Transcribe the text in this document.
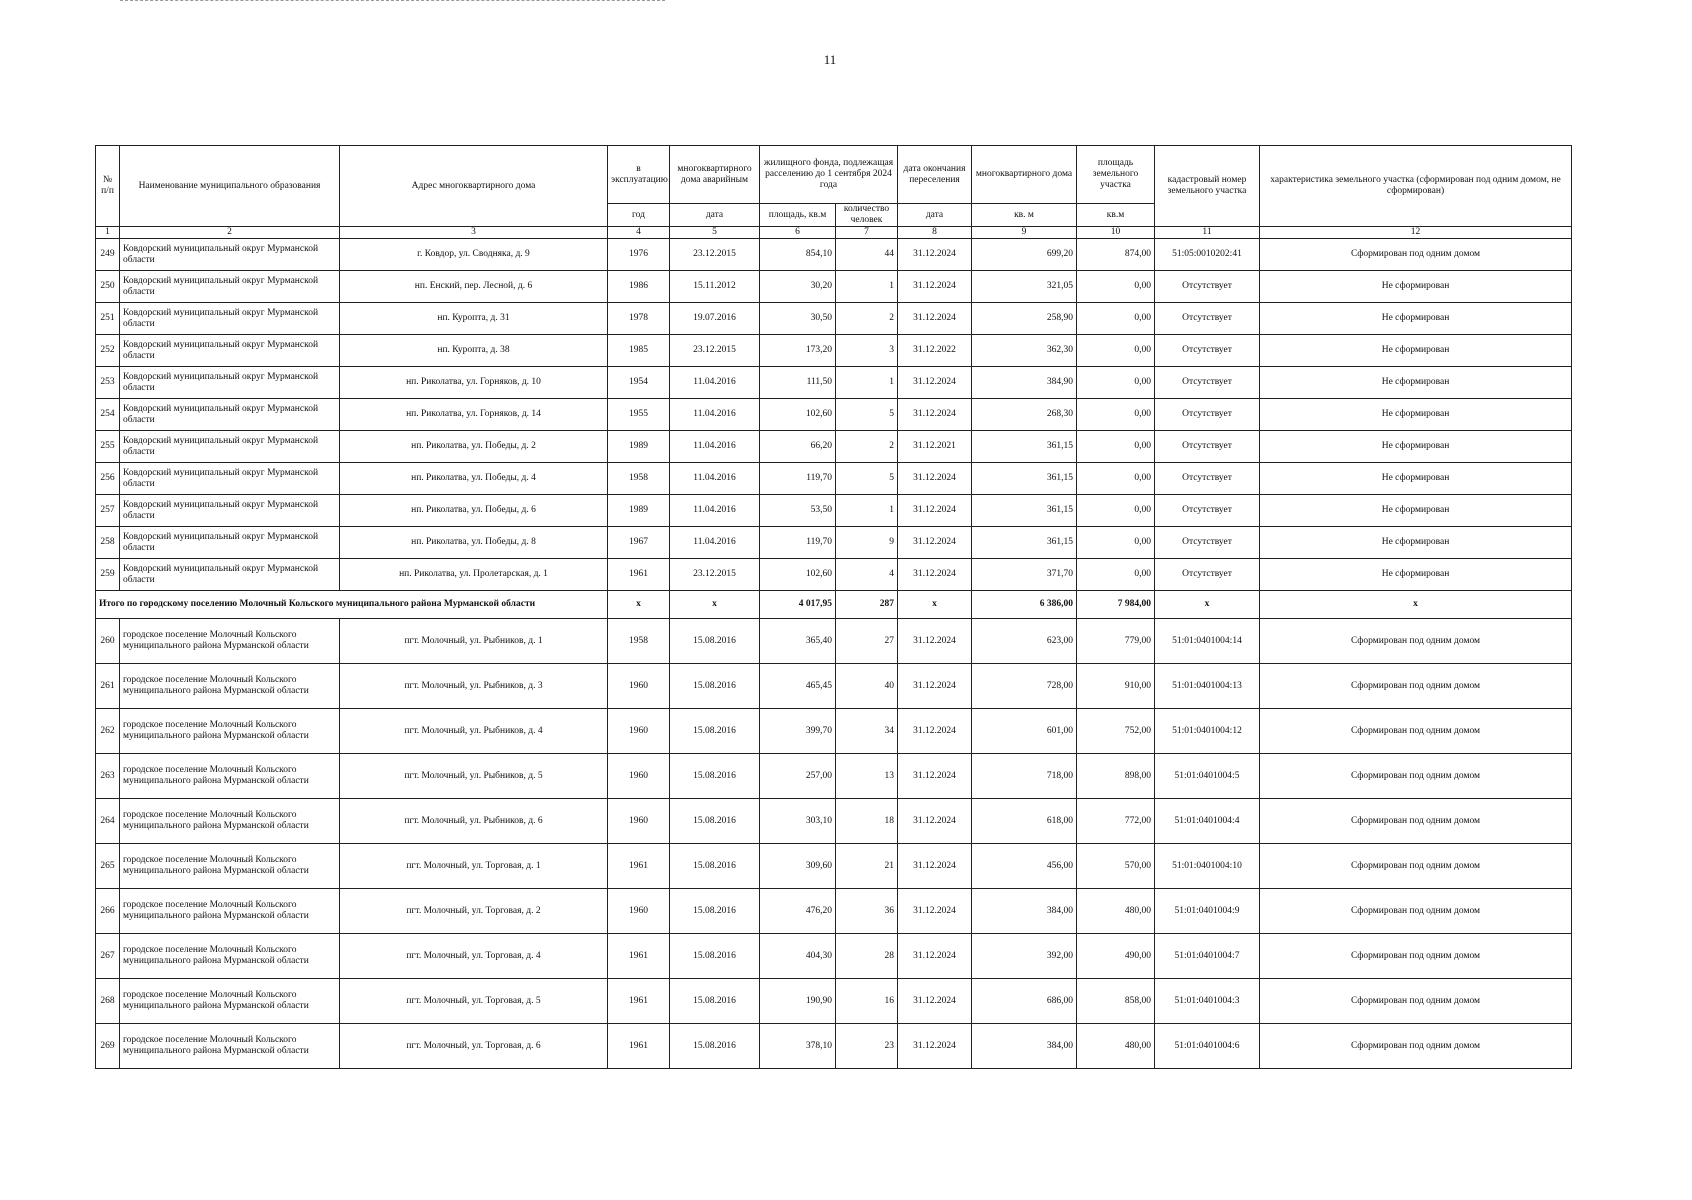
11
№ п/п	Наименование муниципального образования	Адрес многоквартирного дома	в эксплуатацию	многоквартирного дома аварийным	жилищного фонда, подлежащая расселению до 1 сентября 2024 года		дата окончания переселения	многоквартирного дома	площадь земельного участка	кадастровый номер земельного участка	характеристика земельного участка (сформирован под одним домом, не сформирован)
			год	дата	площадь, кв.м	количество человек	дата	кв. м	кв.м		
1	2	3	4	5	6	7	8	9	10	11	12
249	Ковдорский муниципальный округ Мурманской области	г. Ковдор, ул. Сводняка, д. 9	1976	23.12.2015	854,10	44	31.12.2024	699,20	874,00	51:05:0010202:41	Сформирован под одним домом
250	Ковдорский муниципальный округ Мурманской области	нп. Енский, пер. Лесной, д. 6	1986	15.11.2012	30,20	1	31.12.2024	321,05	0,00	Отсутствует	Не сформирован
251	Ковдорский муниципальный округ Мурманской области	нп. Куропта, д. 31	1978	19.07.2016	30,50	2	31.12.2024	258,90	0,00	Отсутствует	Не сформирован
252	Ковдорский муниципальный округ Мурманской области	нп. Куропта, д. 38	1985	23.12.2015	173,20	3	31.12.2022	362,30	0,00	Отсутствует	Не сформирован
253	Ковдорский муниципальный округ Мурманской области	нп. Риколатва, ул. Горняков, д. 10	1954	11.04.2016	111,50	1	31.12.2024	384,90	0,00	Отсутствует	Не сформирован
254	Ковдорский муниципальный округ Мурманской области	нп. Риколатва, ул. Горняков, д. 14	1955	11.04.2016	102,60	5	31.12.2024	268,30	0,00	Отсутствует	Не сформирован
255	Ковдорский муниципальный округ Мурманской области	нп. Риколатва, ул. Победы, д. 2	1989	11.04.2016	66,20	2	31.12.2021	361,15	0,00	Отсутствует	Не сформирован
256	Ковдорский муниципальный округ Мурманской области	нп. Риколатва, ул. Победы, д. 4	1958	11.04.2016	119,70	5	31.12.2024	361,15	0,00	Отсутствует	Не сформирован
257	Ковдорский муниципальный округ Мурманской области	нп. Риколатва, ул. Победы, д. 6	1989	11.04.2016	53,50	1	31.12.2024	361,15	0,00	Отсутствует	Не сформирован
258	Ковдорский муниципальный округ Мурманской области	нп. Риколатва, ул. Победы, д. 8	1967	11.04.2016	119,70	9	31.12.2024	361,15	0,00	Отсутствует	Не сформирован
259	Ковдорский муниципальный округ Мурманской области	нп. Риколатва, ул. Пролетарская, д. 1	1961	23.12.2015	102,60	4	31.12.2024	371,70	0,00	Отсутствует	Не сформирован
Итого по городскому поселению Молочный Кольского муниципального района Мурманской области			x	x	4 017,95	287	x	6 386,00	7 984,00	x	x
260	городское поселение Молочный Кольского муниципального района Мурманской области	пгт. Молочный, ул. Рыбников, д. 1	1958	15.08.2016	365,40	27	31.12.2024	623,00	779,00	51:01:0401004:14	Сформирован под одним домом
261	городское поселение Молочный Кольского муниципального района Мурманской области	пгт. Молочный, ул. Рыбников, д. 3	1960	15.08.2016	465,45	40	31.12.2024	728,00	910,00	51:01:0401004:13	Сформирован под одним домом
262	городское поселение Молочный Кольского муниципального района Мурманской области	пгт. Молочный, ул. Рыбников, д. 4	1960	15.08.2016	399,70	34	31.12.2024	601,00	752,00	51:01:0401004:12	Сформирован под одним домом
263	городское поселение Молочный Кольского муниципального района Мурманской области	пгт. Молочный, ул. Рыбников, д. 5	1960	15.08.2016	257,00	13	31.12.2024	718,00	898,00	51:01:0401004:5	Сформирован под одним домом
264	городское поселение Молочный Кольского муниципального района Мурманской области	пгт. Молочный, ул. Рыбников, д. 6	1960	15.08.2016	303,10	18	31.12.2024	618,00	772,00	51:01:0401004:4	Сформирован под одним домом
265	городское поселение Молочный Кольского муниципального района Мурманской области	пгт. Молочный, ул. Торговая, д. 1	1961	15.08.2016	309,60	21	31.12.2024	456,00	570,00	51:01:0401004:10	Сформирован под одним домом
266	городское поселение Молочный Кольского муниципального района Мурманской области	пгт. Молочный, ул. Торговая, д. 2	1960	15.08.2016	476,20	36	31.12.2024	384,00	480,00	51:01:0401004:9	Сформирован под одним домом
267	городское поселение Молочный Кольского муниципального района Мурманской области	пгт. Молочный, ул. Торговая, д. 4	1961	15.08.2016	404,30	28	31.12.2024	392,00	490,00	51:01:0401004:7	Сформирован под одним домом
268	городское поселение Молочный Кольского муниципального района Мурманской области	пгт. Молочный, ул. Торговая, д. 5	1961	15.08.2016	190,90	16	31.12.2024	686,00	858,00	51:01:0401004:3	Сформирован под одним домом
269	городское поселение Молочный Кольского муниципального района Мурманской области	пгт. Молочный, ул. Торговая, д. 6	1961	15.08.2016	378,10	23	31.12.2024	384,00	480,00	51:01:0401004:6	Сформирован под одним домом
